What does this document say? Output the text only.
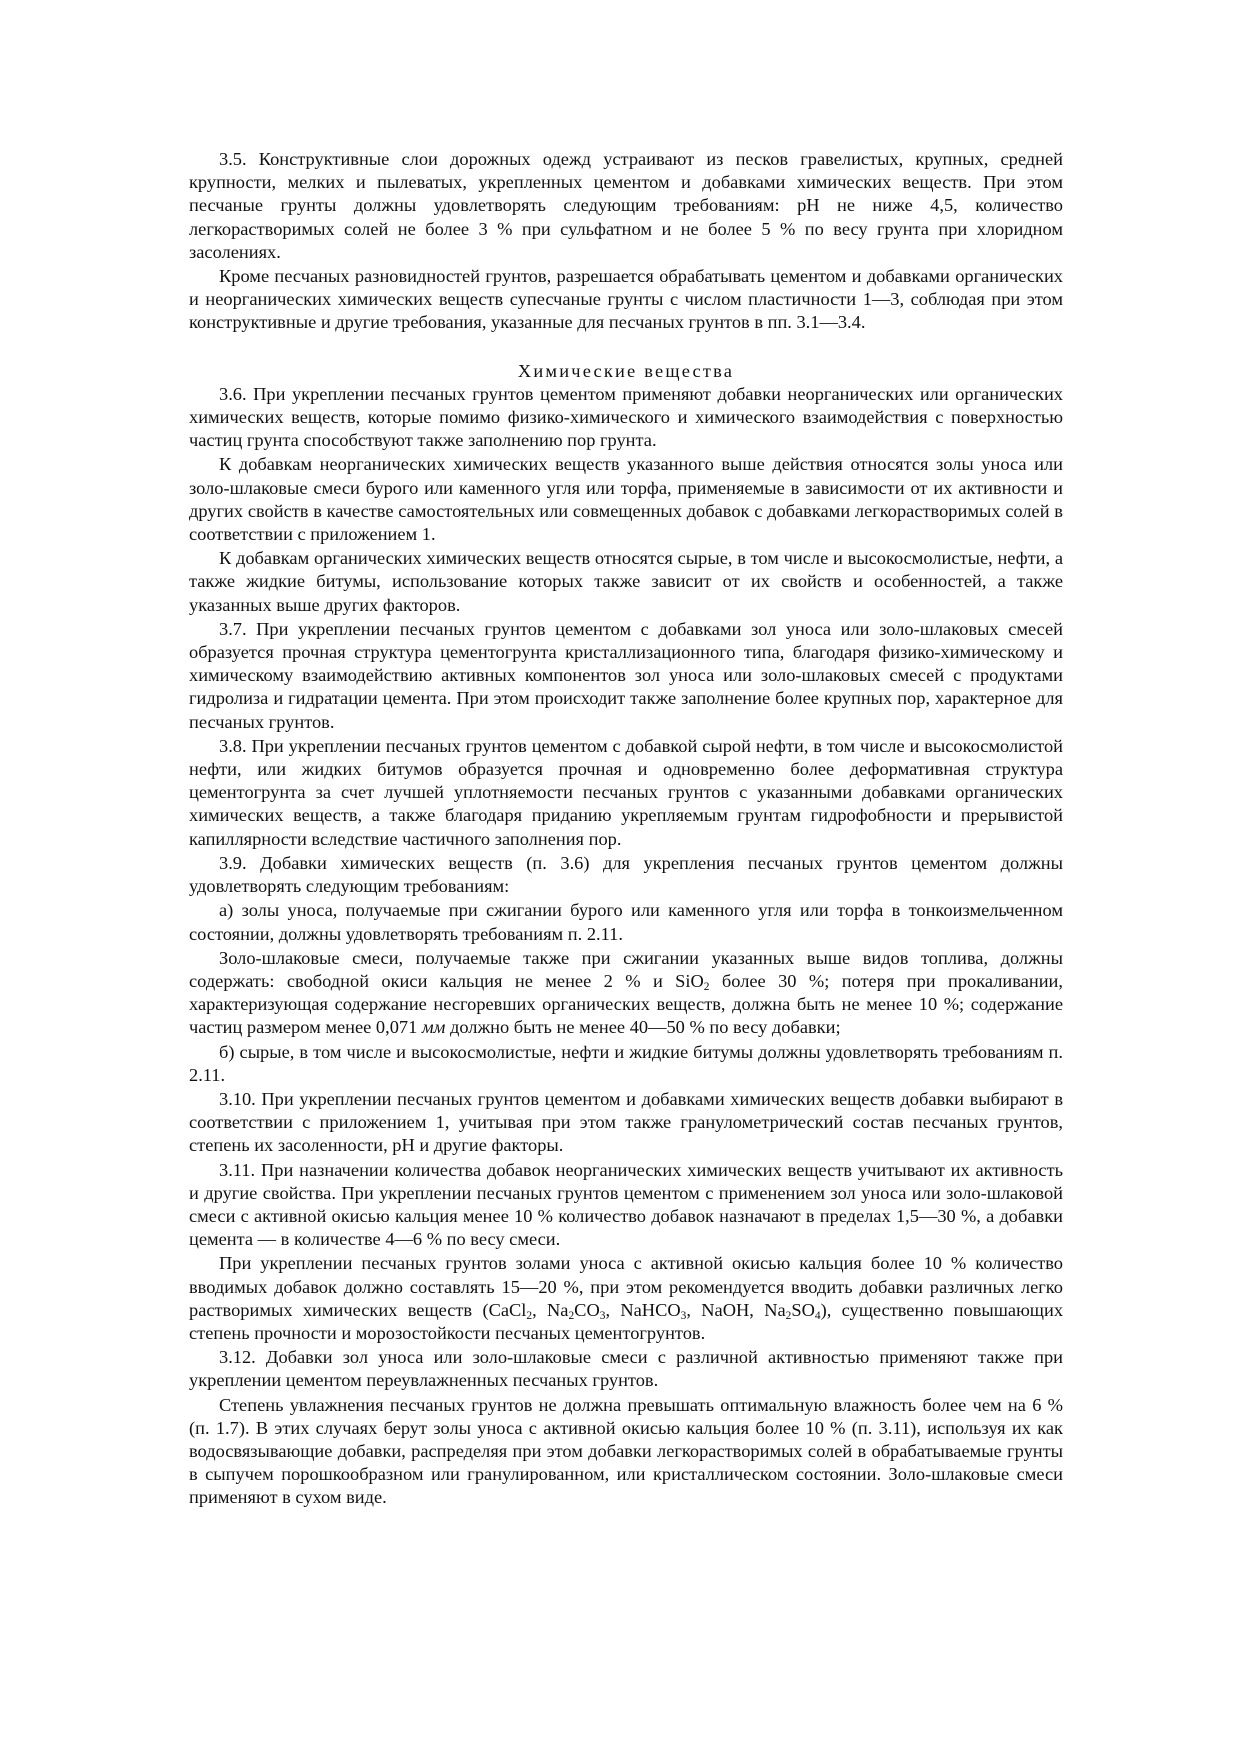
3.5. Конструктивные слои дорожных одежд устраивают из песков гравелистых, крупных, средней крупности, мелких и пылеватых, укрепленных цементом и добавками химических веществ. При этом песчаные грунты должны удовлетворять следующим требованиям: pH не ниже 4,5, количество легкорастворимых солей не более 3 % при сульфатном и не более 5 % по весу грунта при хлоридном засолениях.

Кроме песчаных разновидностей грунтов, разрешается обрабатывать цементом и добавками органических и неорганических химических веществ супесчаные грунты с числом пластичности 1—3, соблюдая при этом конструктивные и другие требования, указанные для песчаных грунтов в пп. 3.1—3.4.

Химические вещества

3.6. При укреплении песчаных грунтов цементом применяют добавки неорганических или органических химических веществ, которые помимо физико-химического и химического взаимодействия с поверхностью частиц грунта способствуют также заполнению пор грунта.

К добавкам неорганических химических веществ указанного выше действия относятся золы уноса или золо-шлаковые смеси бурого или каменного угля или торфа, применяемые в зависимости от их активности и других свойств в качестве самостоятельных или совмещенных добавок с добавками легкорастворимых солей в соответствии с приложением 1.

К добавкам органических химических веществ относятся сырые, в том числе и высокосмолистые, нефти, а также жидкие битумы, использование которых также зависит от их свойств и особенностей, а также указанных выше других факторов.

3.7. При укреплении песчаных грунтов цементом с добавками зол уноса или золо-шлаковых смесей образуется прочная структура цементогрунта кристаллизационного типа, благодаря физико-химическому и химическому взаимодействию активных компонентов зол уноса или золо-шлаковых смесей с продуктами гидролиза и гидратации цемента. При этом происходит также заполнение более крупных пор, характерное для песчаных грунтов.

3.8. При укреплении песчаных грунтов цементом с добавкой сырой нефти, в том числе и высокосмолистой нефти, или жидких битумов образуется прочная и одновременно более деформативная структура цементогрунта за счет лучшей уплотняемости песчаных грунтов с указанными добавками органических химических веществ, а также благодаря приданию укрепляемым грунтам гидрофобности и прерывистой капиллярности вследствие частичного заполнения пор.

3.9. Добавки химических веществ (п. 3.6) для укрепления песчаных грунтов цементом должны удовлетворять следующим требованиям:

а) золы уноса, получаемые при сжигании бурого или каменного угля или торфа в тонкоизмельченном состоянии, должны удовлетворять требованиям п. 2.11.

Золо-шлаковые смеси, получаемые также при сжигании указанных выше видов топлива, должны содержать: свободной окиси кальция не менее 2 % и SiO$_2$ более 30 %; потеря при прокаливании, характеризующая содержание несгоревших органических веществ, должна быть не менее 10 %; содержание частиц размером менее 0,071 мм должно быть не менее 40—50 % по весу добавки;

б) сырые, в том числе и высокосмолистые, нефти и жидкие битумы должны удовлетворять требованиям п. 2.11.

3.10. При укреплении песчаных грунтов цементом и добавками химических веществ добавки выбирают в соответствии с приложением 1, учитывая при этом также гранулометрический состав песчаных грунтов, степень их засоленности, pH и другие факторы.

3.11. При назначении количества добавок неорганических химических веществ учитывают их активность и другие свойства. При укреплении песчаных грунтов цементом с применением зол уноса или золо-шлаковой смеси с активной окисью кальция менее 10 % количество добавок назначают в пределах 1,5—30 %, а добавки цемента — в количестве 4—6 % по весу смеси.

При укреплении песчаных грунтов золами уноса с активной окисью кальция более 10 % количество вводимых добавок должно составлять 15—20 %, при этом рекомендуется вводить добавки различных легко растворимых химических веществ (CaCl$_2$, $Na_2CO_3$, NaHCO$_3$, NaOH, $Na_2SO_4$), существенно повышающих степень прочности и морозостойкости песчаных цементогрунтов.

3.12. Добавки зол уноса или золо-шлаковые смеси с различной активностью применяют также при укреплении цементом переувлажненных песчаных грунтов.

Степень увлажнения песчаных грунтов не должна превышать оптимальную влажность более чем на 6 % (п. 1.7). В этих случаях берут золы уноса с активной окисью кальция более 10 % (п. 3.11), используя их как водосвязывающие добавки, распределяя при этом добавки легкорастворимых солей в обрабатываемые грунты в сыпучем порошкообразном или гранулированном, или кристаллическом состоянии. Золо-шлаковые смеси применяют в сухом виде.
